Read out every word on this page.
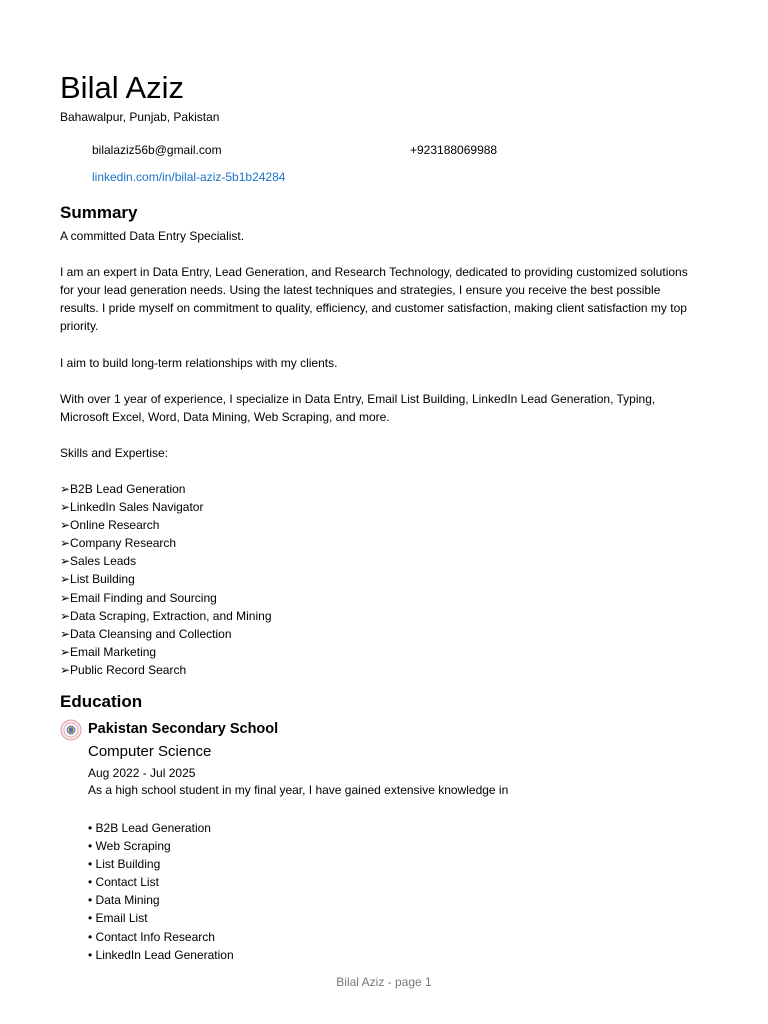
Bilal Aziz
Bahawalpur, Punjab, Pakistan
bilalaziz56b@gmail.com	+923188069988
linkedin.com/in/bilal-aziz-5b1b24284
Summary

A committed Data Entry Specialist.

I am an expert in Data Entry, Lead Generation, and Research Technology, dedicated to providing customized solutions for your lead generation needs. Using the latest techniques and strategies, I ensure you receive the best possible results. I pride myself on commitment to quality, efficiency, and customer satisfaction, making client satisfaction my top priority.

I aim to build long-term relationships with my clients.

With over 1 year of experience, I specialize in Data Entry, Email List Building, LinkedIn Lead Generation, Typing, Microsoft Excel, Word, Data Mining, Web Scraping, and more.

Skills and Expertise:

➢B2B Lead Generation
➢LinkedIn Sales Navigator
➢Online Research
➢Company Research
➢Sales Leads
➢List Building
➢Email Finding and Sourcing
➢Data Scraping, Extraction, and Mining
➢Data Cleansing and Collection
➢Email Marketing
➢Public Record Search
Education
Pakistan Secondary School
Computer Science
Aug 2022 - Jul 2025
As a high school student in my final year, I have gained extensive knowledge in
• B2B Lead Generation
• Web Scraping
• List Building
• Contact List
• Data Mining
• Email List
• Contact Info Research
• LinkedIn Lead Generation
Bilal Aziz - page 1
